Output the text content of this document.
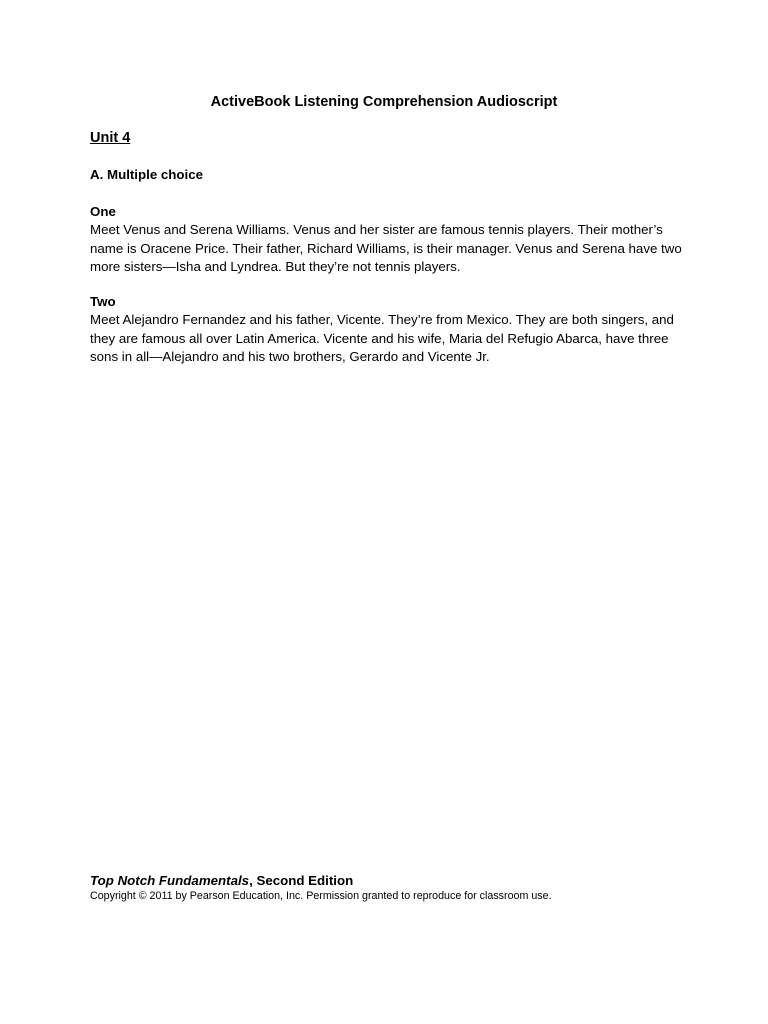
ActiveBook Listening Comprehension Audioscript
Unit 4
A. Multiple choice

One

Meet Venus and Serena Williams. Venus and her sister are famous tennis players. Their mother’s name is Oracene Price. Their father, Richard Williams, is their manager. Venus and Serena have two more sisters—Isha and Lyndrea. But they’re not tennis players.

Two

Meet Alejandro Fernandez and his father, Vicente. They’re from Mexico. They are both singers, and they are famous all over Latin America. Vicente and his wife, Maria del Refugio Abarca, have three sons in all—Alejandro and his two brothers, Gerardo and Vicente Jr.

Top Notch Fundamentals, Second Edition

Copyright © 2011 by Pearson Education, Inc. Permission granted to reproduce for classroom use.
